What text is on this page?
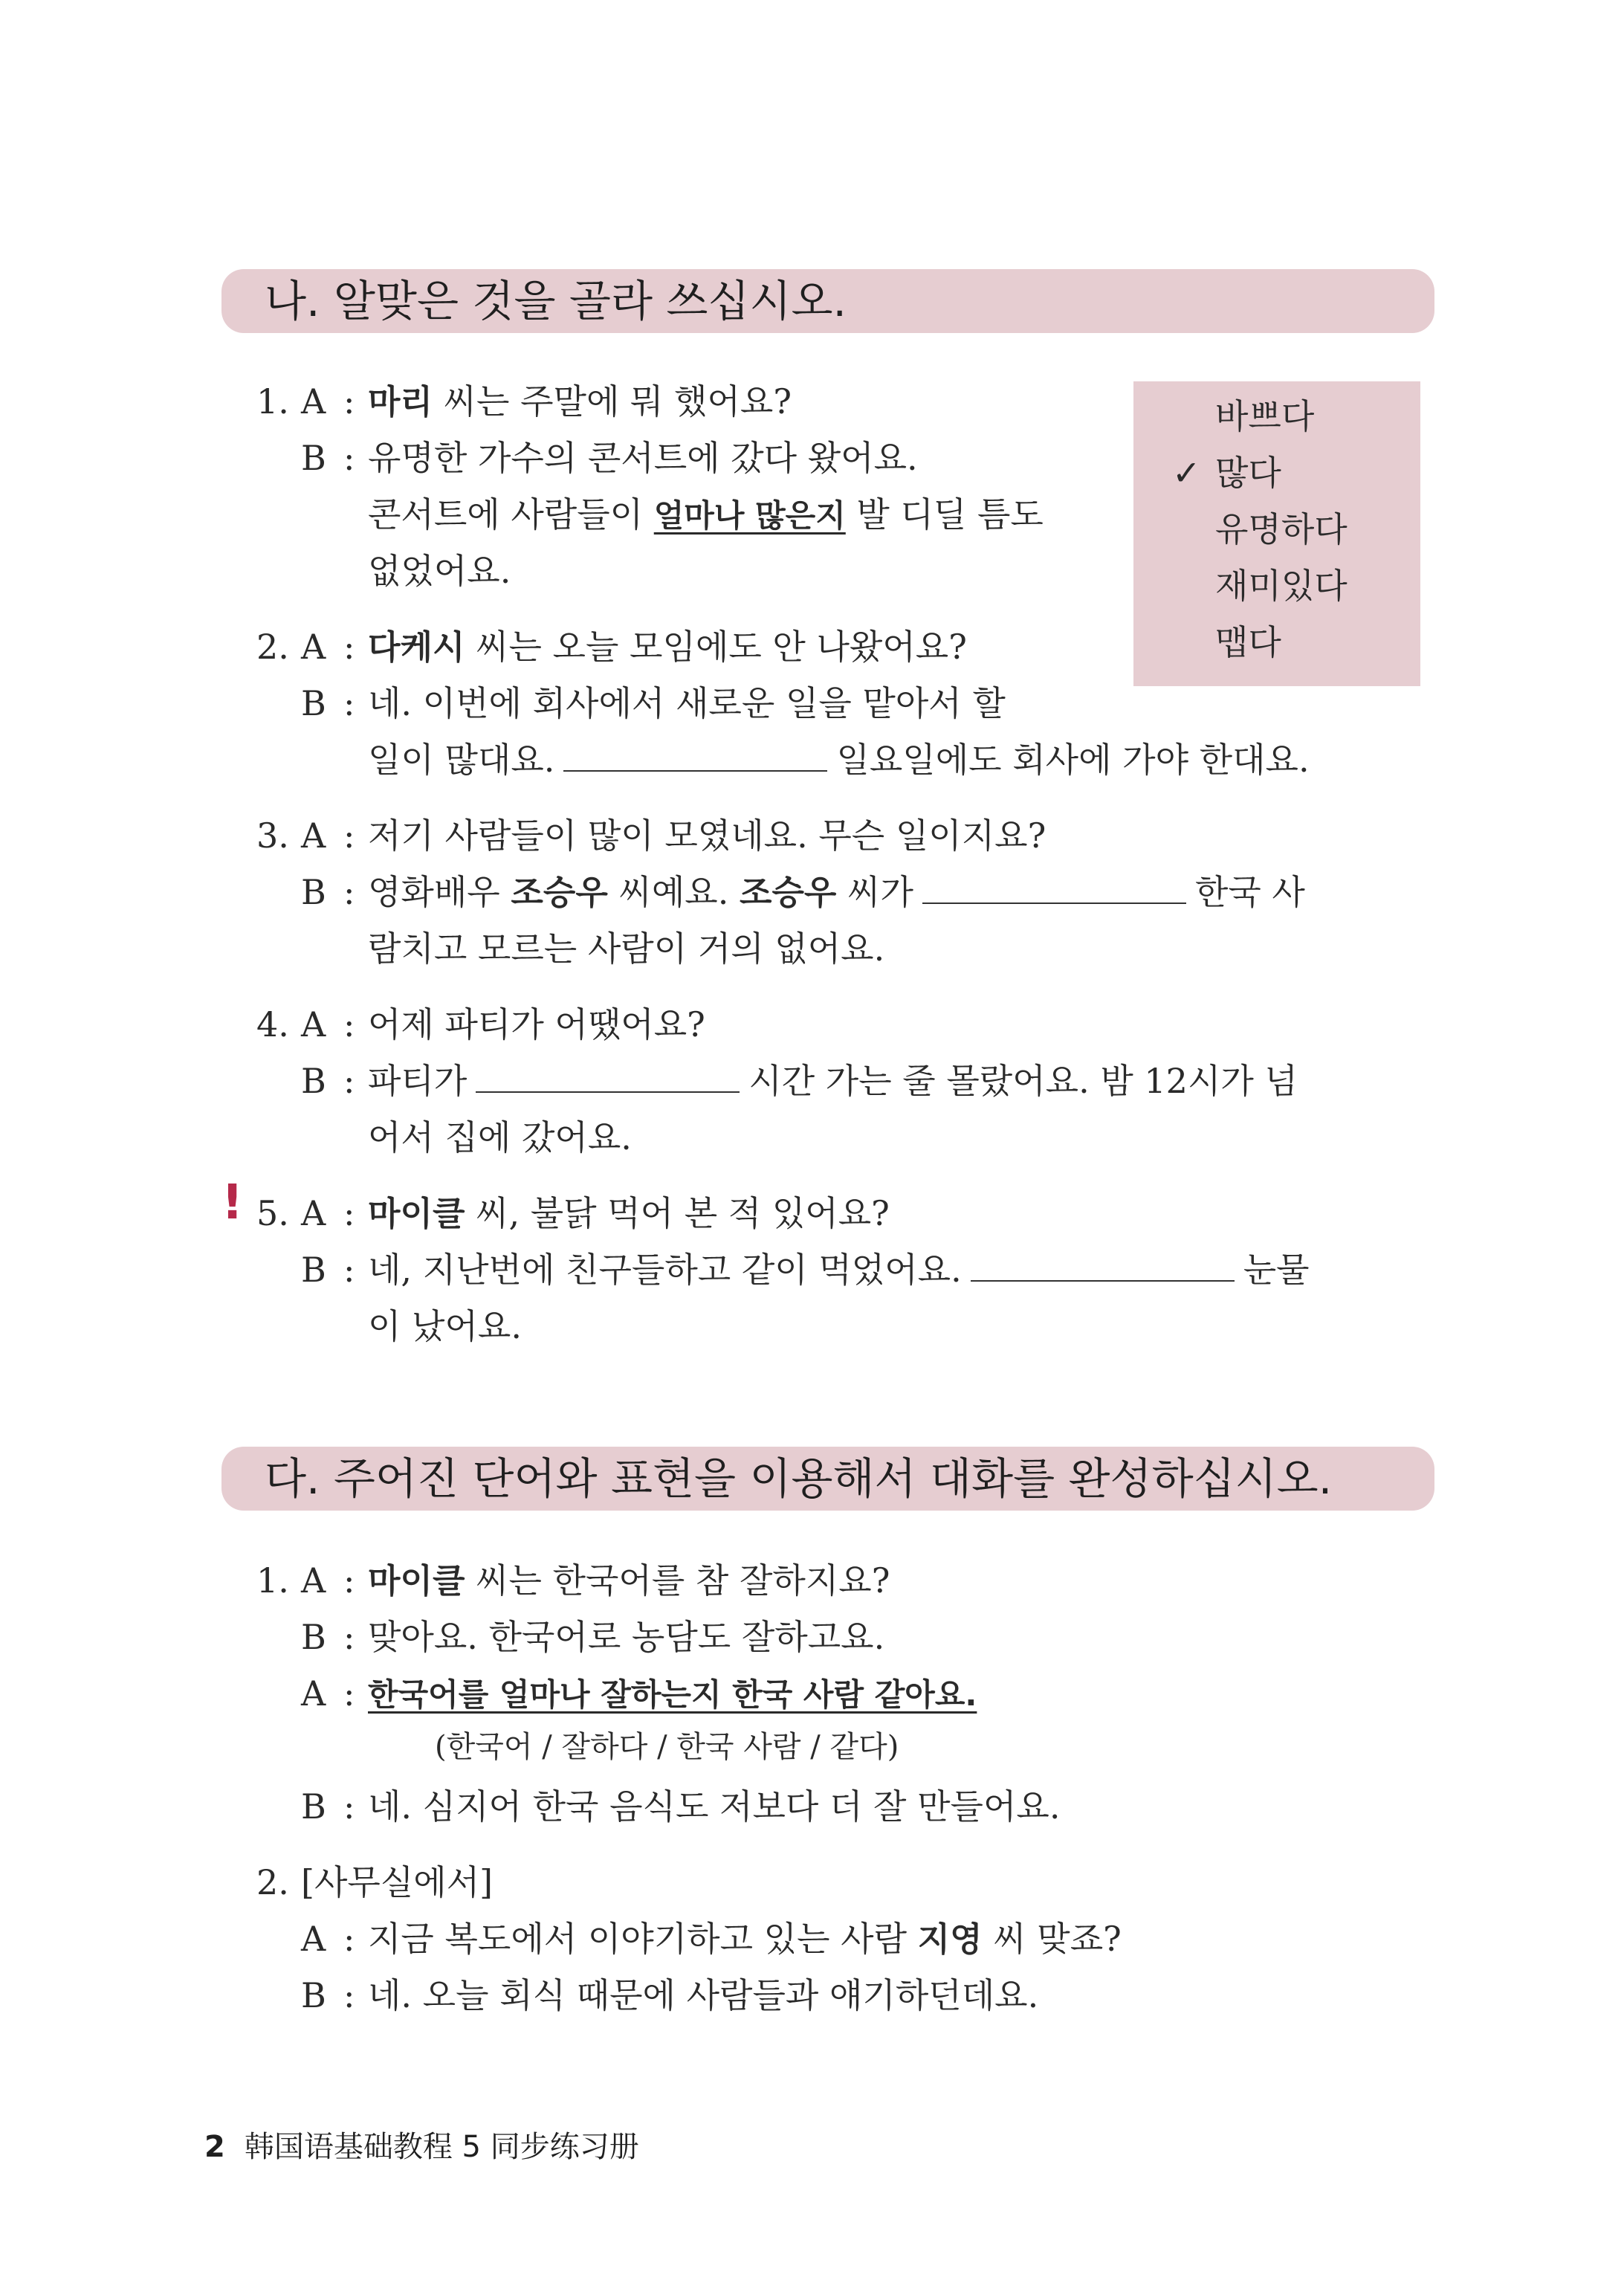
나. 알맞은 것을 골라 쓰십시오.
바쁘다
✓ 많다
유명하다
재미있다
맵다
1. A : 마리 씨는 주말에 뭐 했어요?
B : 유명한 가수의 콘서트에 갔다 왔어요.
콘서트에 사람들이 얼마나 많은지 발 디딜 틈도
없었어요.
2. A : 다케시 씨는 오늘 모임에도 안 나왔어요?
B : 네. 이번에 회사에서 새로운 일을 맡아서 할
일이 많대요.	일요일에도 회사에 가야 한대요.
3. A : 저기 사람들이 많이 모였네요. 무슨 일이지요?
B : 영화배우 조승우 씨예요. 조승우 씨가	한국 사
람치고 모르는 사람이 거의 없어요.
4. A : 어제 파티가 어땠어요?
B : 파티가	시간 가는 줄 몰랐어요. 밤 12시가 넘
어서 집에 갔어요.
! 5. A : 마이클 씨, 불닭 먹어 본 적 있어요?
B : 네, 지난번에 친구들하고 같이 먹었어요.	눈물
이 났어요.
다. 주어진 단어와 표현을 이용해서 대화를 완성하십시오.
1. A : 마이클 씨는 한국어를 참 잘하지요?
B : 맞아요. 한국어로 농담도 잘하고요.
A : 한국어를 얼마나 잘하는지 한국 사람 같아요.
(한국어 / 잘하다 / 한국 사람 / 같다)
B : 네. 심지어 한국 음식도 저보다 더 잘 만들어요.
2. [사무실에서]
A : 지금 복도에서 이야기하고 있는 사람 지영 씨 맞죠?
B : 네. 오늘 회식 때문에 사람들과 얘기하던데요.
2 韩国语基础教程 5 同步练习册
